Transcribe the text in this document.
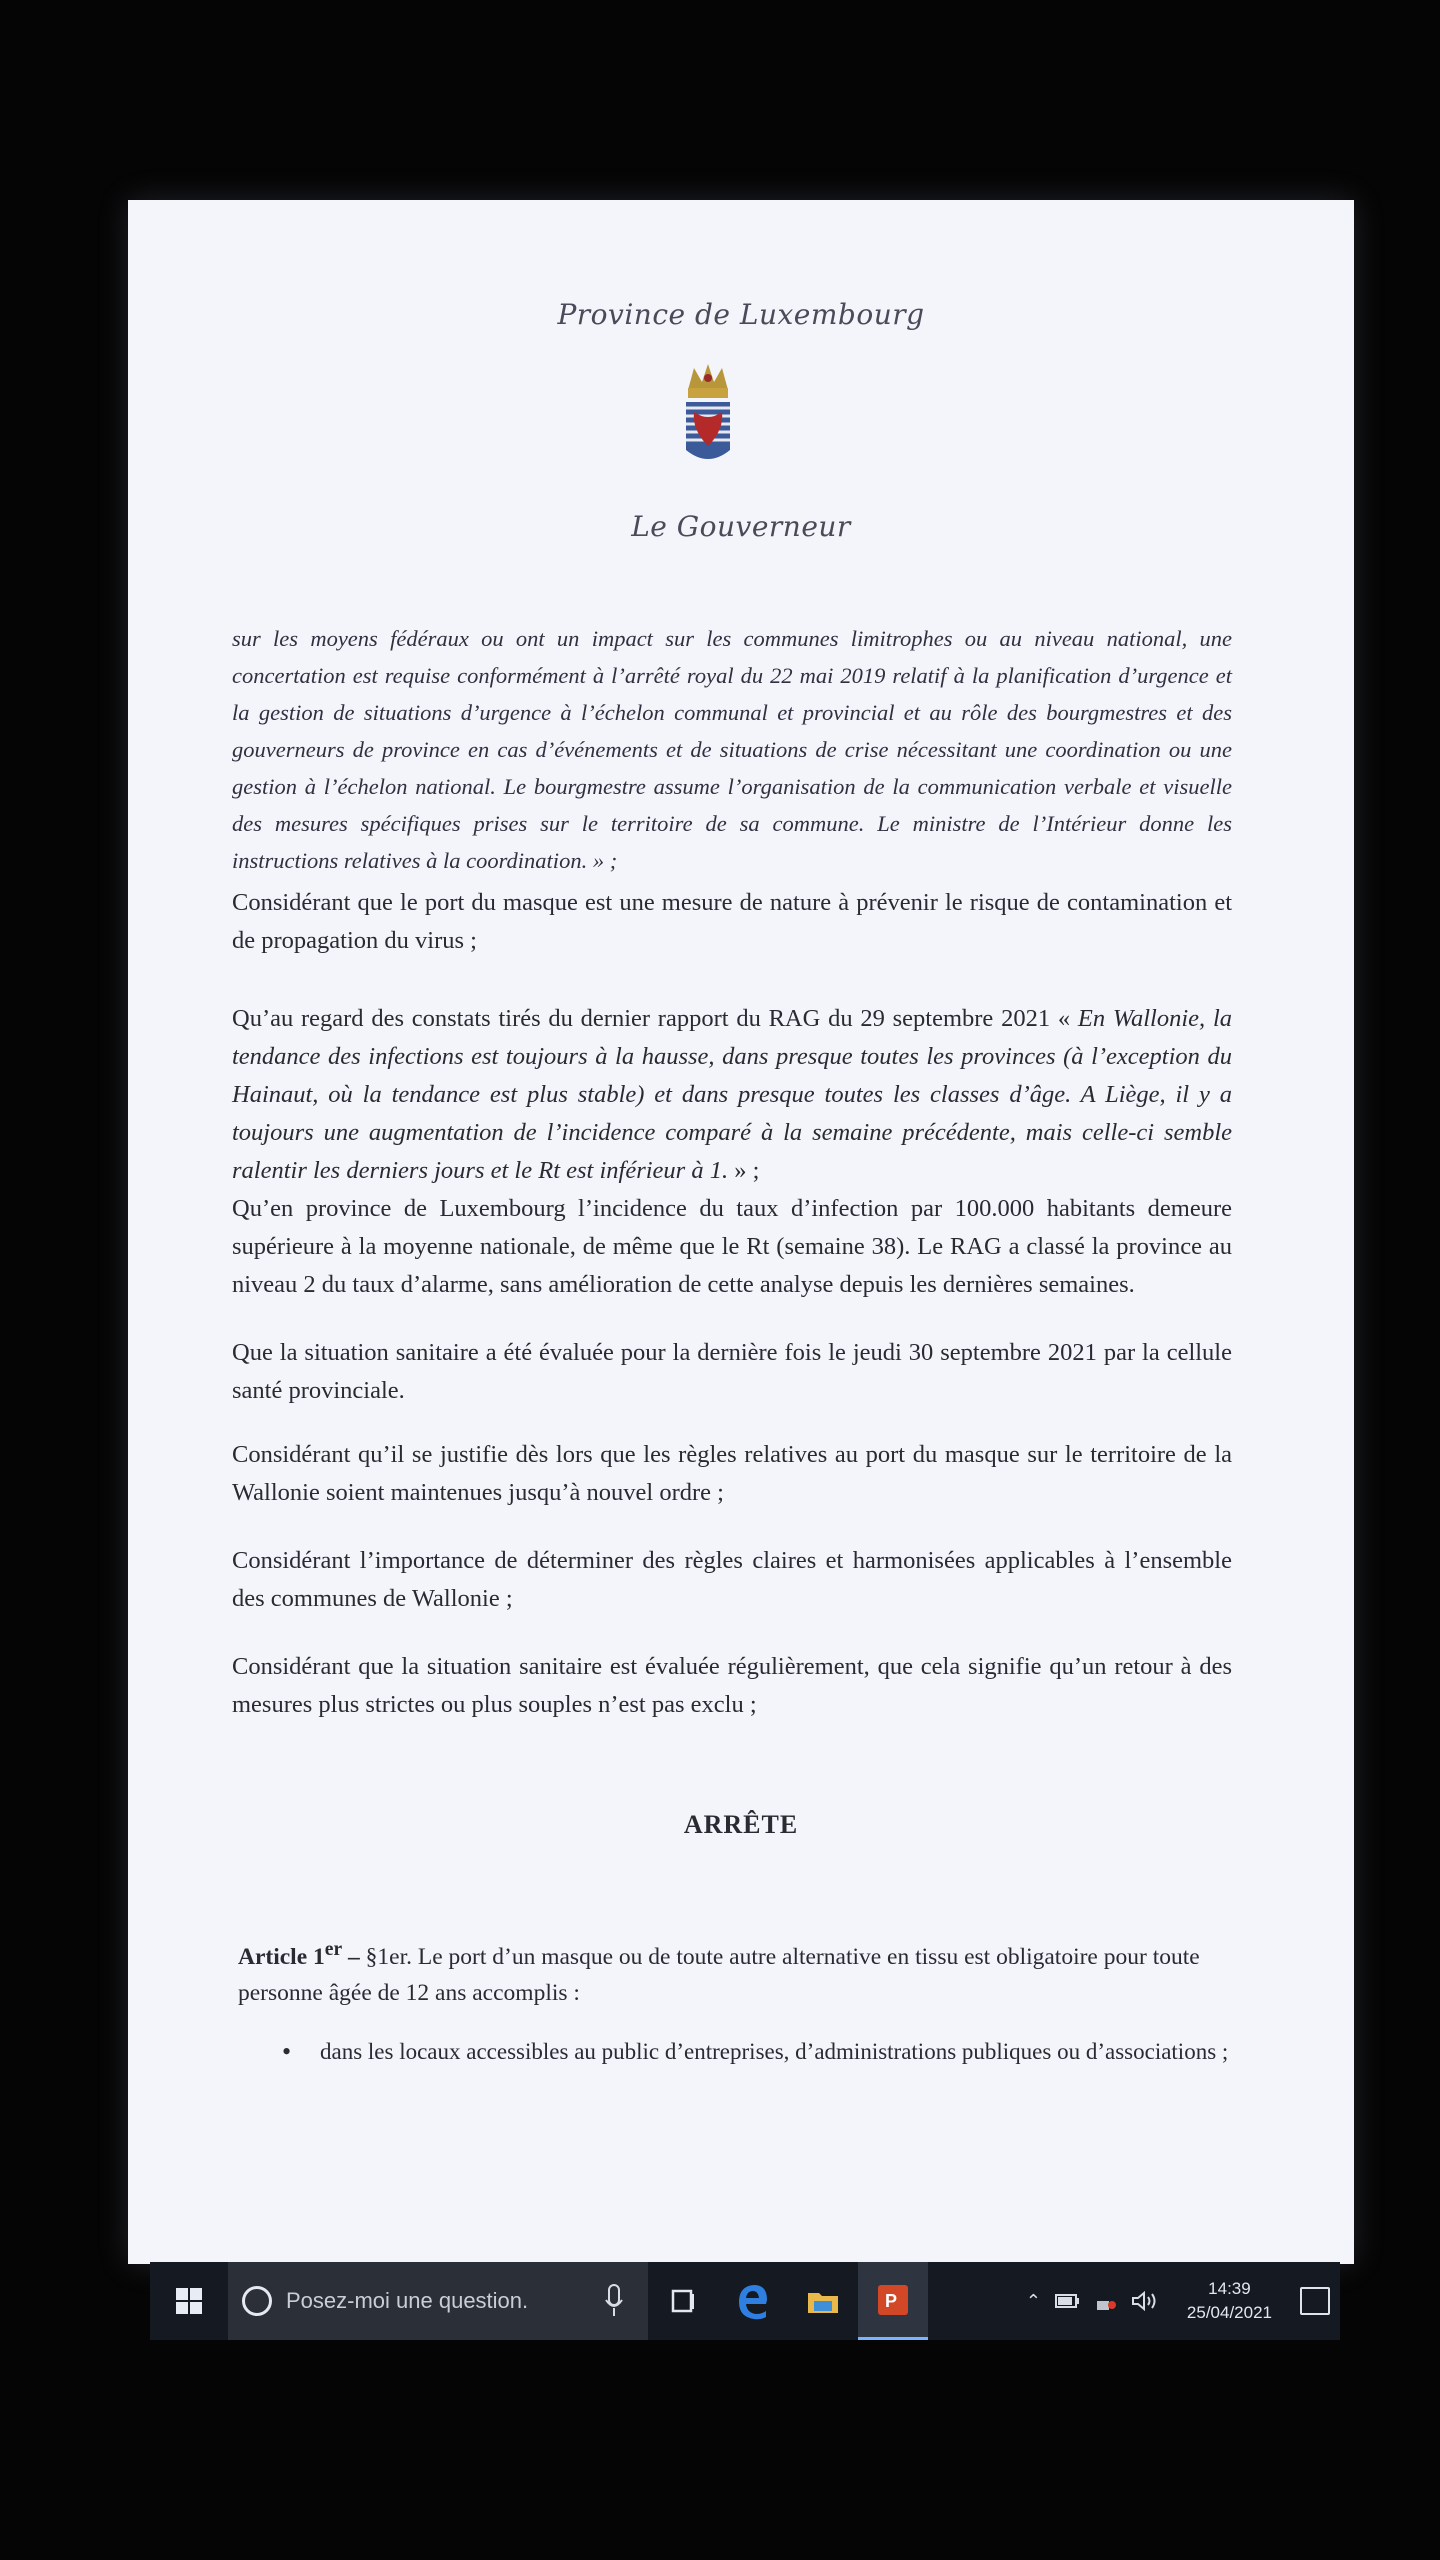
Province de Luxembourg
Le Gouverneur

sur les moyens fédéraux ou ont un impact sur les communes limitrophes ou au niveau national, une concertation est requise conformément à l’arrêté royal du 22 mai 2019 relatif à la planification d’urgence et la gestion de situations d’urgence à l’échelon communal et provincial et au rôle des bourgmestres et des gouverneurs de province en cas d’événements et de situations de crise nécessitant une coordination ou une gestion à l’échelon national. Le bourgmestre assume l’organisation de la communication verbale et visuelle des mesures spécifiques prises sur le territoire de sa commune. Le ministre de l’Intérieur donne les instructions relatives à la coordination. » ;

Considérant que le port du masque est une mesure de nature à prévenir le risque de contamination et de propagation du virus ;

Qu’au regard des constats tirés du dernier rapport du RAG du 29 septembre 2021 « En Wallonie, la tendance des infections est toujours à la hausse, dans presque toutes les provinces (à l’exception du Hainaut, où la tendance est plus stable) et dans presque toutes les classes d’âge. A Liège, il y a toujours une augmentation de l’incidence comparé à la semaine précédente, mais celle-ci semble ralentir les derniers jours et le Rt est inférieur à 1. » ;

Qu’en province de Luxembourg l’incidence du taux d’infection par 100.000 habitants demeure supérieure à la moyenne nationale, de même que le Rt (semaine 38). Le RAG a classé la province au niveau 2 du taux d’alarme, sans amélioration de cette analyse depuis les dernières semaines.

Que la situation sanitaire a été évaluée pour la dernière fois le jeudi 30 septembre 2021 par la cellule santé provinciale.

Considérant qu’il se justifie dès lors que les règles relatives au port du masque sur le territoire de la Wallonie soient maintenues jusqu’à nouvel ordre ;

Considérant l’importance de déterminer des règles claires et harmonisées applicables à l’ensemble des communes de Wallonie ;

Considérant que la situation sanitaire est évaluée régulièrement, que cela signifie qu’un retour à des mesures plus strictes ou plus souples n’est pas exclu ;

ARRÊTE

Article 1er – §1er. Le port d’un masque ou de toute autre alternative en tissu est obligatoire pour toute personne âgée de 12 ans accomplis :

• dans les locaux accessibles au public d’entreprises, d’administrations publiques ou d’associations ;

Posez-moi une question.	P	⌃
14:39
25/04/2021
